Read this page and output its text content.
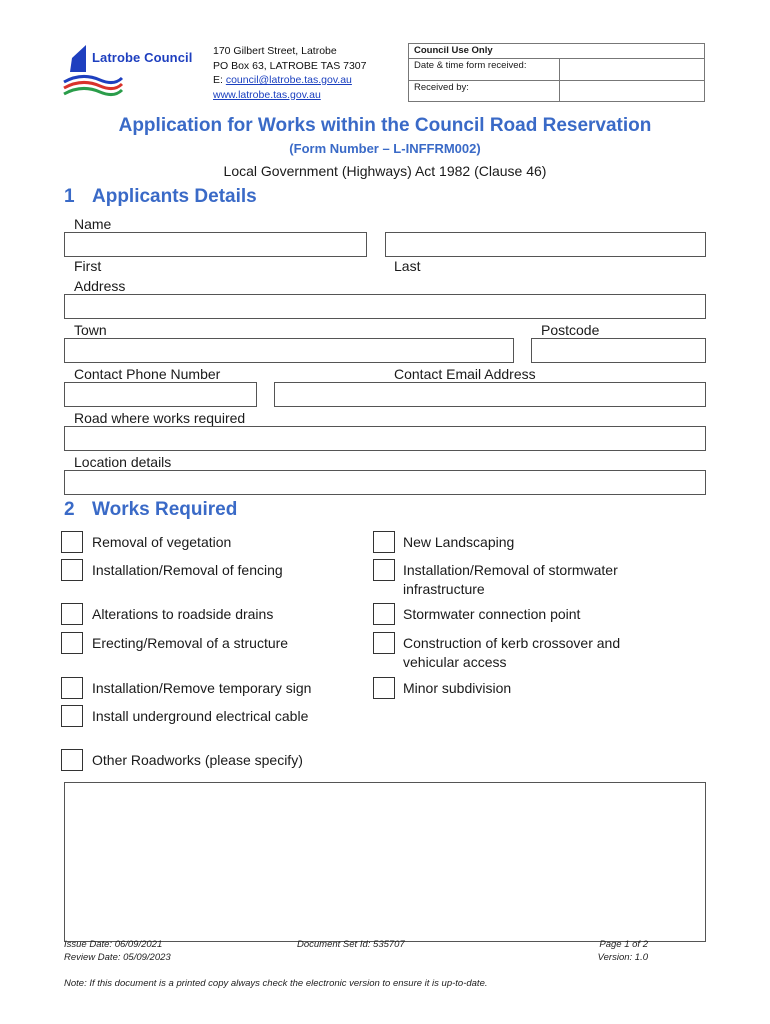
Latrobe Council 170 Gilbert Street, Latrobe
PO Box 63, LATROBE TAS 7307
E: council@latrobe.tas.gov.au
www.latrobe.tas.gov.au
Council Use Only	
Date & time form received:	
Received by:	
Application for Works within the Council Road Reservation
(Form Number – L-INFFRM002)
Local Government (Highways) Act 1982 (Clause 46)
1 Applicants Details
Name
First	Last
Address
Town	Postcode
Contact Phone Number	Contact Email Address
Road where works required
Location details
2 Works Required
Removal of vegetation
Installation/Removal of fencing
Alterations to roadside drains
Erecting/Removal of a structure
Installation/Remove temporary sign
Install underground electrical cable
Other Roadworks (please specify)
New Landscaping
Installation/Removal of stormwater
infrastructure
Stormwater connection point
Construction of kerb crossover and
vehicular access
Minor subdivision
Issue Date: 06/09/2021
Review Date: 05/09/2023
Document Set Id: 535707	Page 1 of 2
Version: 1.0
Note: If this document is a printed copy always check the electronic version to ensure it is up-to-date.
